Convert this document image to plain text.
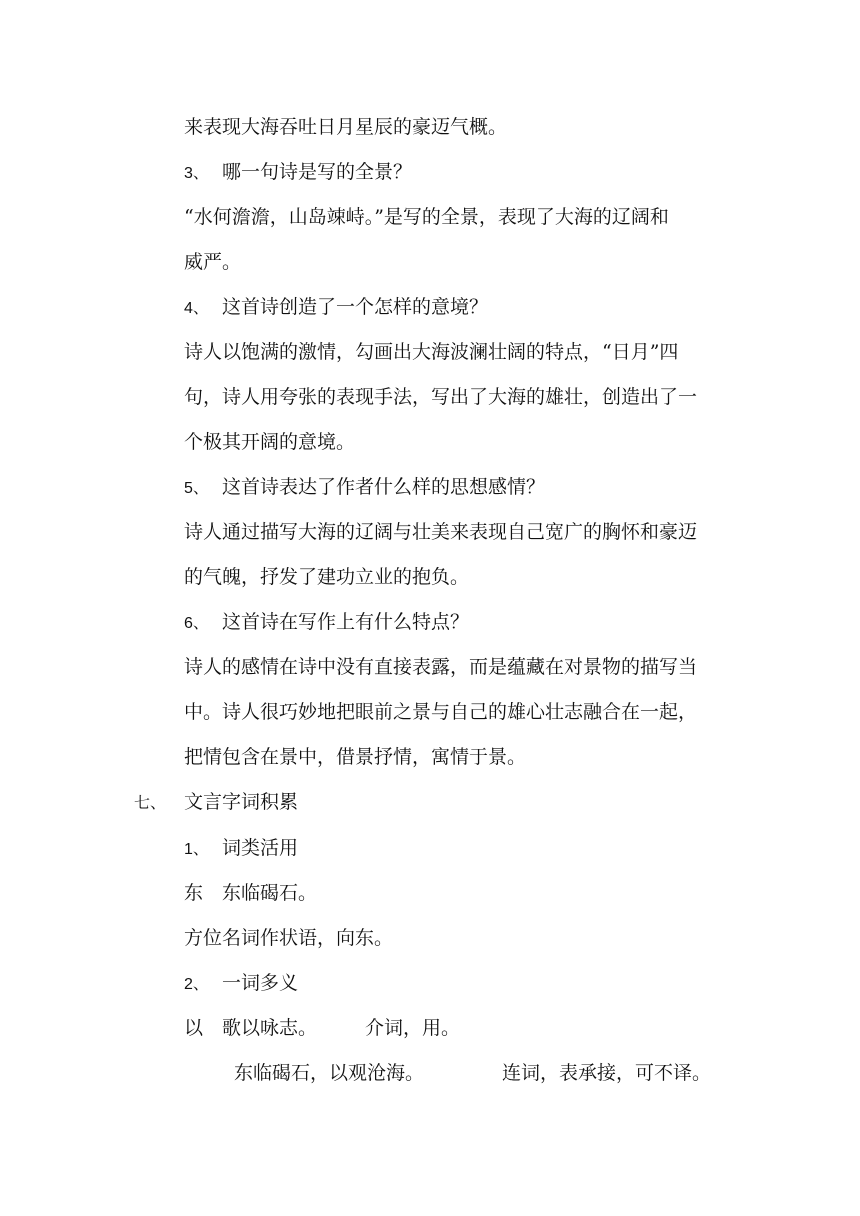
来表现大海吞吐日月星辰的豪迈气概。

3、 哪一句诗是写的全景？

“水何澹澹，山岛竦峙。”是写的全景，表现了大海的辽阔和

威严。

4、 这首诗创造了一个怎样的意境？

诗人以饱满的激情，勾画出大海波澜壮阔的特点，“日月”四

句，诗人用夸张的表现手法，写出了大海的雄壮，创造出了一

个极其开阔的意境。

5、 这首诗表达了作者什么样的思想感情？

诗人通过描写大海的辽阔与壮美来表现自己宽广的胸怀和豪迈

的气魄，抒发了建功立业的抱负。

6、 这首诗在写作上有什么特点？

诗人的感情在诗中没有直接表露，而是蕴藏在对景物的描写当

中。诗人很巧妙地把眼前之景与自己的雄心壮志融合在一起，

把情包含在景中，借景抒情，寓情于景。

七、 文言字词积累

1、 词类活用

东 东临碣石。

方位名词作状语，向东。

2、 一词多义

以 歌以咏志。	介词，用。

东临碣石，以观沧海。	连词，表承接，可不译。
